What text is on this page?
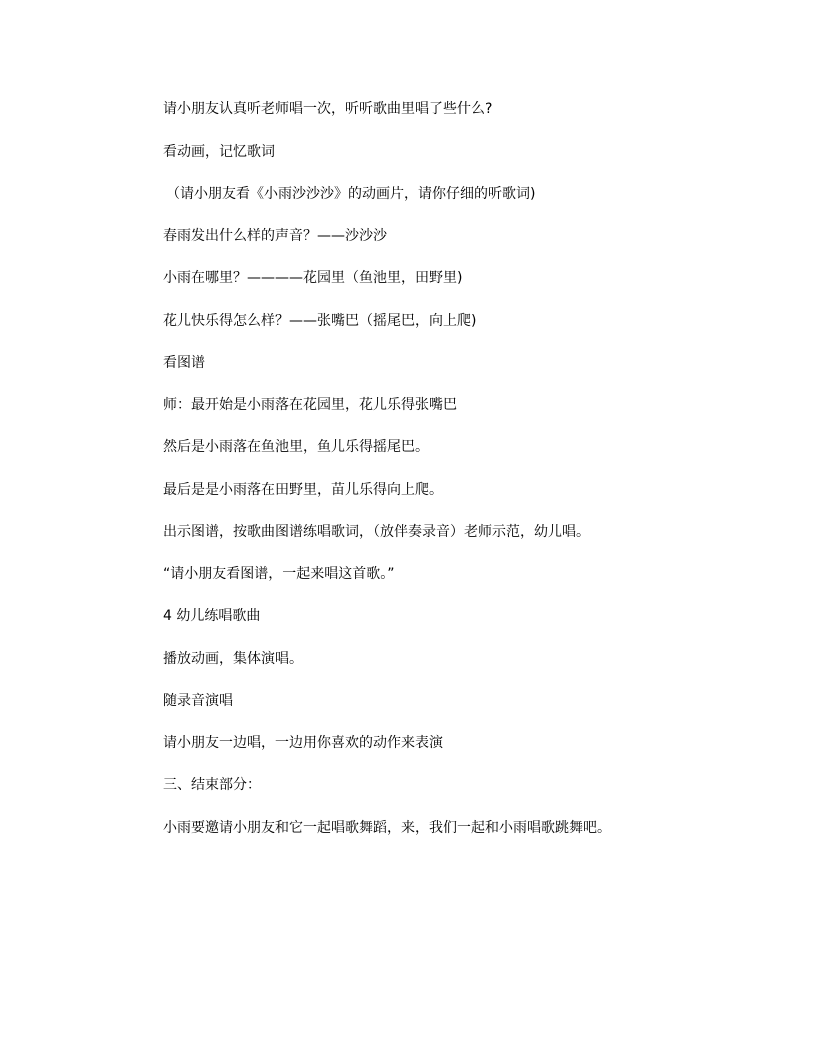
请小朋友认真听老师唱一次，听听歌曲里唱了些什么?

看动画，记忆歌词

（请小朋友看《小雨沙沙沙》的动画片，请你仔细的听歌词)

春雨发出什么样的声音？——沙沙沙

小雨在哪里？————花园里（鱼池里，田野里)

花儿快乐得怎么样？——张嘴巴（摇尾巴，向上爬)

看图谱

师：最开始是小雨落在花园里，花儿乐得张嘴巴

然后是小雨落在鱼池里，鱼儿乐得摇尾巴。

最后是是小雨落在田野里，苗儿乐得向上爬。

出示图谱，按歌曲图谱练唱歌词，（放伴奏录音）老师示范，幼儿唱。

“请小朋友看图谱，一起来唱这首歌。”

4 幼儿练唱歌曲

播放动画，集体演唱。

随录音演唱

请小朋友一边唱，一边用你喜欢的动作来表演

三、结束部分：

小雨要邀请小朋友和它一起唱歌舞蹈，来，我们一起和小雨唱歌跳舞吧。
